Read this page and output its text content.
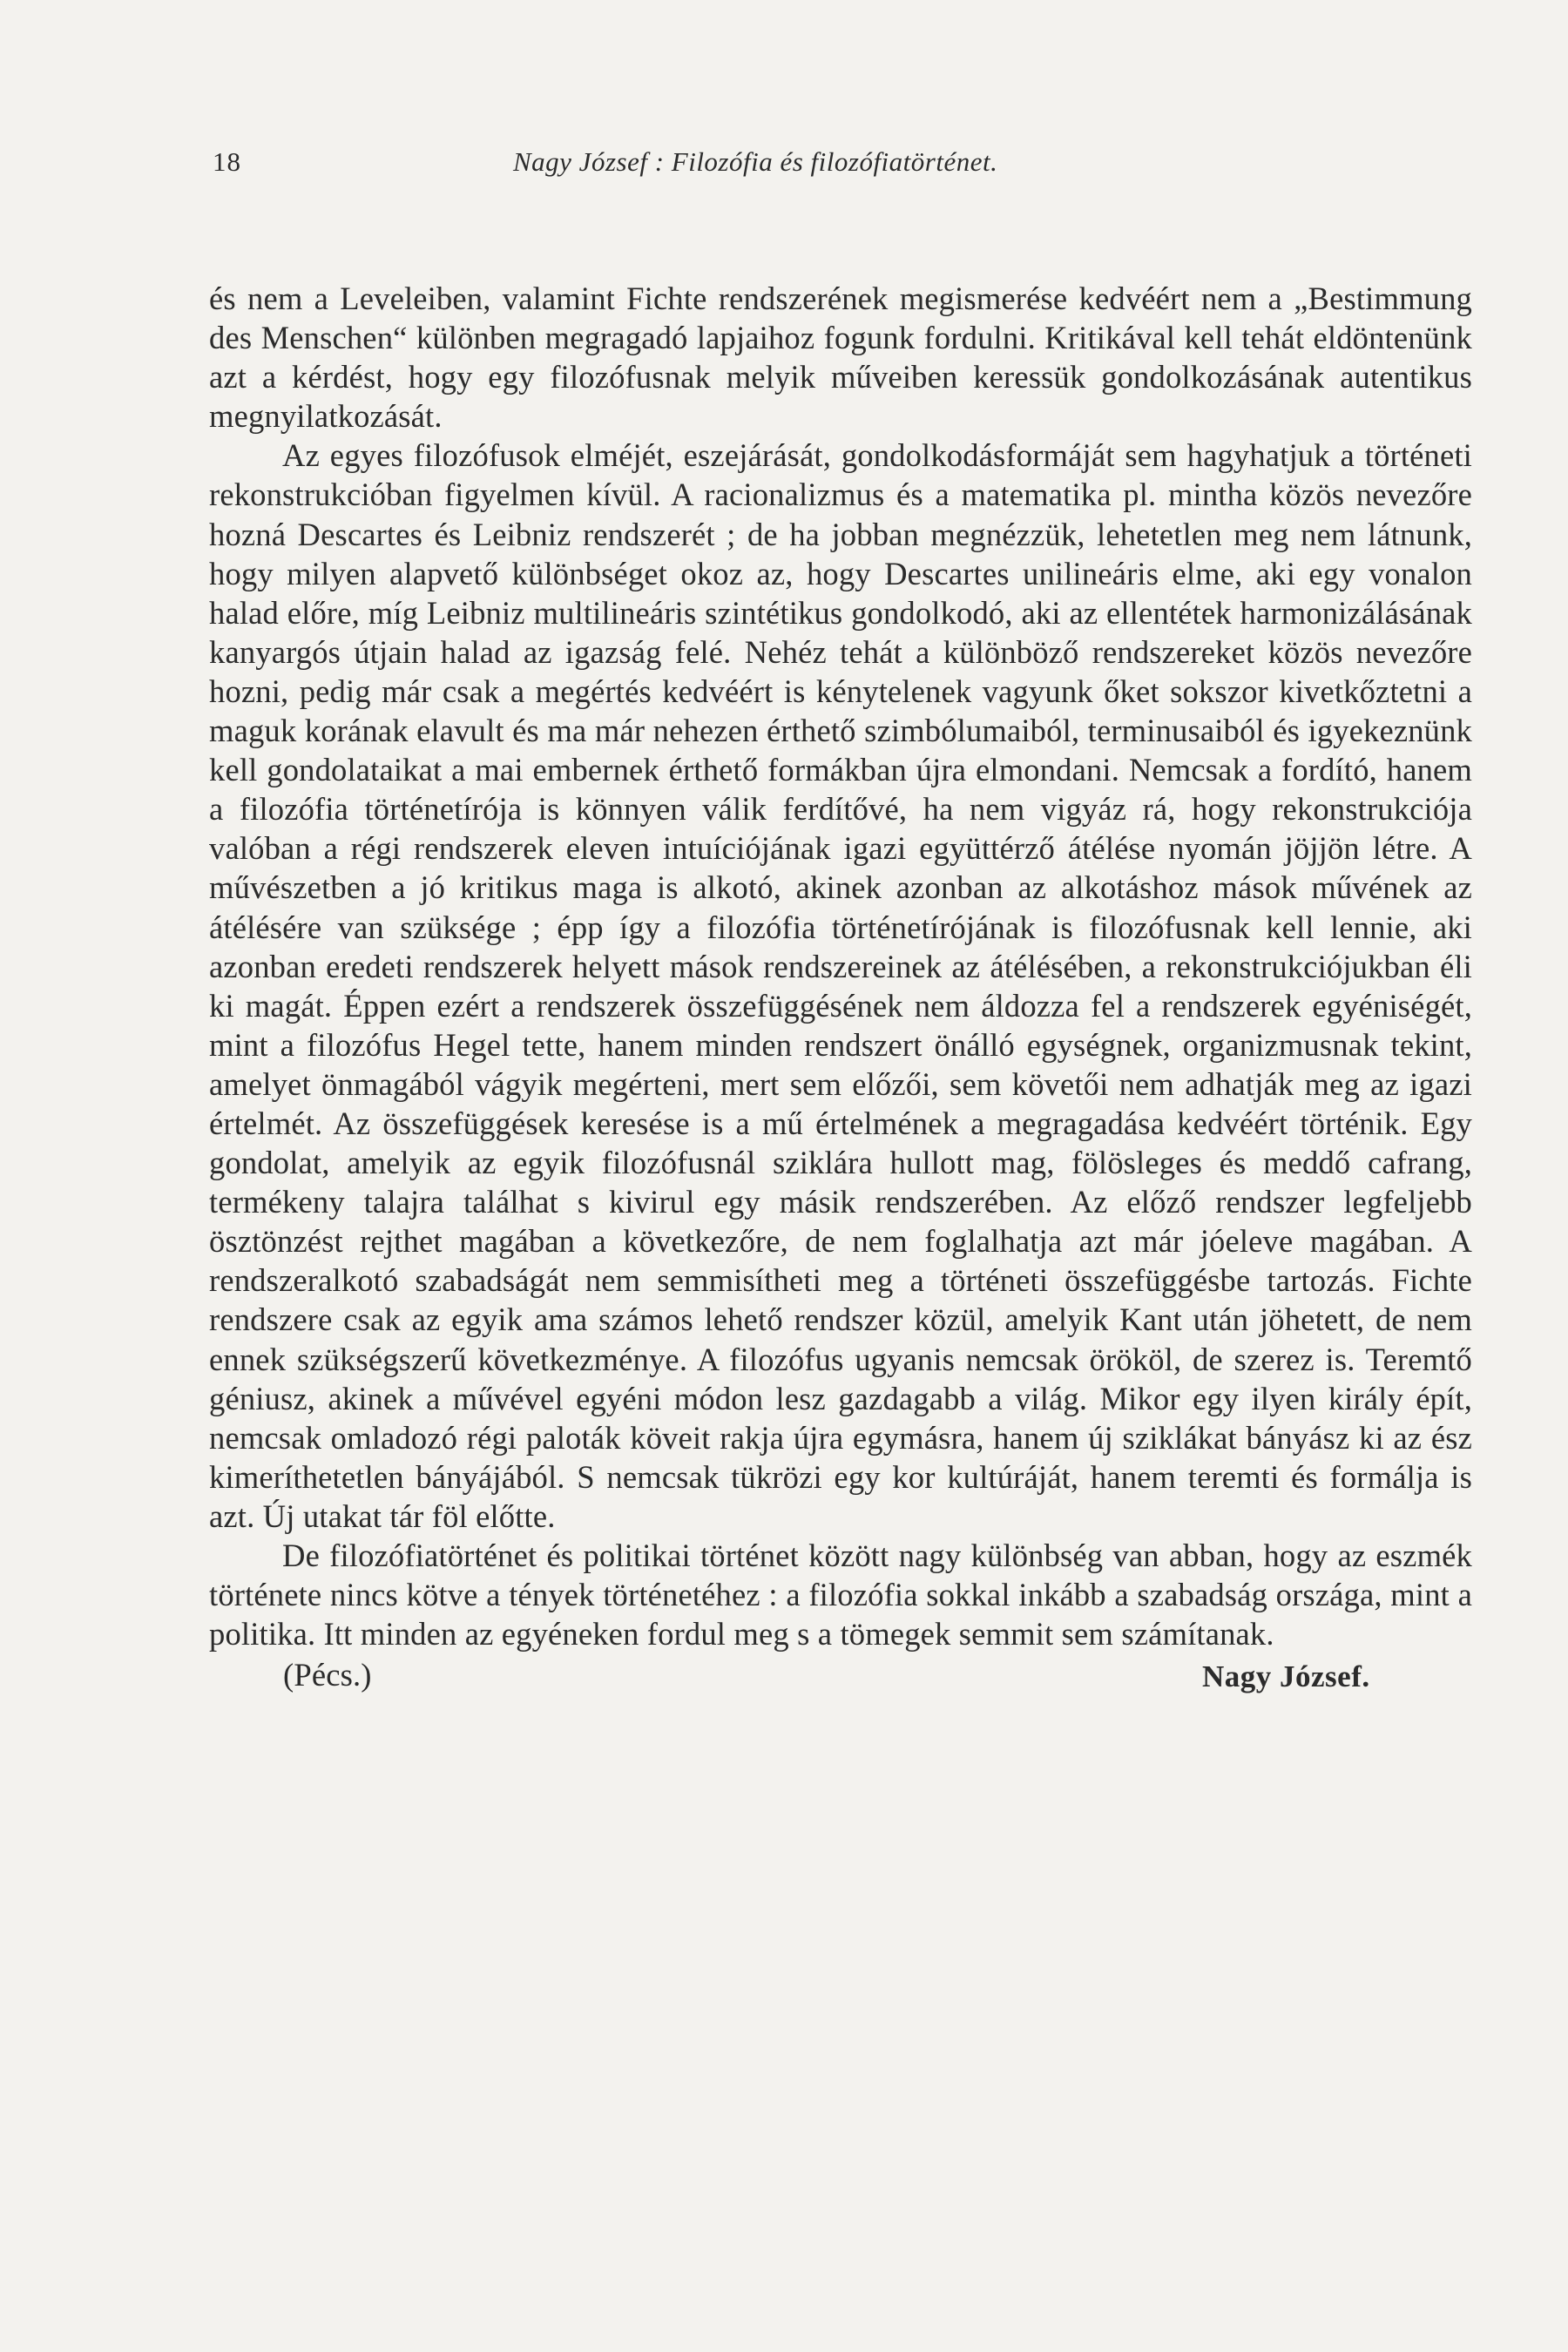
18	Nagy József : Filozófia és filozófiatörténet.

és nem a Leveleiben, valamint Fichte rendszerének megismerése kedvéért nem a „Bestimmung des Menschen“ különben megragadó lapjaihoz fogunk fordulni. Kritikával kell tehát eldöntenünk azt a kérdést, hogy egy filozófusnak melyik műveiben keressük gondolkozásának autentikus megnyilatkozását.

Az egyes filozófusok elméjét, eszejárását, gondolkodásformáját sem hagyhatjuk a történeti rekonstrukcióban figyelmen kívül. A racionalizmus és a matematika pl. mintha közös nevezőre hozná Descartes és Leibniz rendszerét ; de ha jobban megnézzük, lehetetlen meg nem látnunk, hogy milyen alapvető különbséget okoz az, hogy Descartes unilineáris elme, aki egy vonalon halad előre, míg Leibniz multilineáris szintétikus gondolkodó, aki az ellentétek harmonizálásának kanyargós útjain halad az igazság felé. Nehéz tehát a különböző rendszereket közös nevezőre hozni, pedig már csak a megértés kedvéért is kénytelenek vagyunk őket sokszor kivetkőztetni a maguk korának elavult és ma már nehezen érthető szimbólumaiból, terminusaiból és igyekeznünk kell gondolataikat a mai embernek érthető formákban újra elmondani. Nemcsak a fordító, hanem a filozófia történetírója is könnyen válik ferdítővé, ha nem vigyáz rá, hogy rekonstrukciója valóban a régi rendszerek eleven intuíciójának igazi együttérző átélése nyomán jöjjön létre. A művészetben a jó kritikus maga is alkotó, akinek azonban az alkotáshoz mások művének az átélésére van szüksége ; épp így a filozófia történetírójának is filozófusnak kell lennie, aki azonban eredeti rendszerek helyett mások rendszereinek az átélésében, a rekonstrukciójukban éli ki magát. Éppen ezért a rendszerek összefüggésének nem áldozza fel a rendszerek egyéniségét, mint a filozófus Hegel tette, hanem minden rendszert önálló egységnek, organizmusnak tekint, amelyet önmagából vágyik megérteni, mert sem előzői, sem követői nem adhatják meg az igazi értelmét. Az összefüggések keresése is a mű értelmének a megragadása kedvéért történik. Egy gondolat, amelyik az egyik filozófusnál sziklára hullott mag, fölösleges és meddő cafrang, termékeny talajra találhat s kivirul egy másik rendszerében. Az előző rendszer legfeljebb ösztönzést rejthet magában a következőre, de nem foglalhatja azt már jóeleve magában. A rendszeralkotó szabadságát nem semmisítheti meg a történeti összefüggésbe tartozás. Fichte rendszere csak az egyik ama számos lehető rendszer közül, amelyik Kant után jöhetett, de nem ennek szükségszerű következménye. A filozófus ugyanis nemcsak örököl, de szerez is. Teremtő géniusz, akinek a művével egyéni módon lesz gazdagabb a világ. Mikor egy ilyen király épít, nemcsak omladozó régi paloták köveit rakja újra egymásra, hanem új sziklákat bányász ki az ész kimeríthetetlen bányájából. S nemcsak tükrözi egy kor kultúráját, hanem teremti és formálja is azt. Új utakat tár föl előtte.

De filozófiatörténet és politikai történet között nagy különbség van abban, hogy az eszmék története nincs kötve a tények történetéhez : a filozófia sokkal inkább a szabadság országa, mint a politika. Itt minden az egyéneken fordul meg s a tömegek semmit sem számítanak.

(Pécs.)	Nagy József.
